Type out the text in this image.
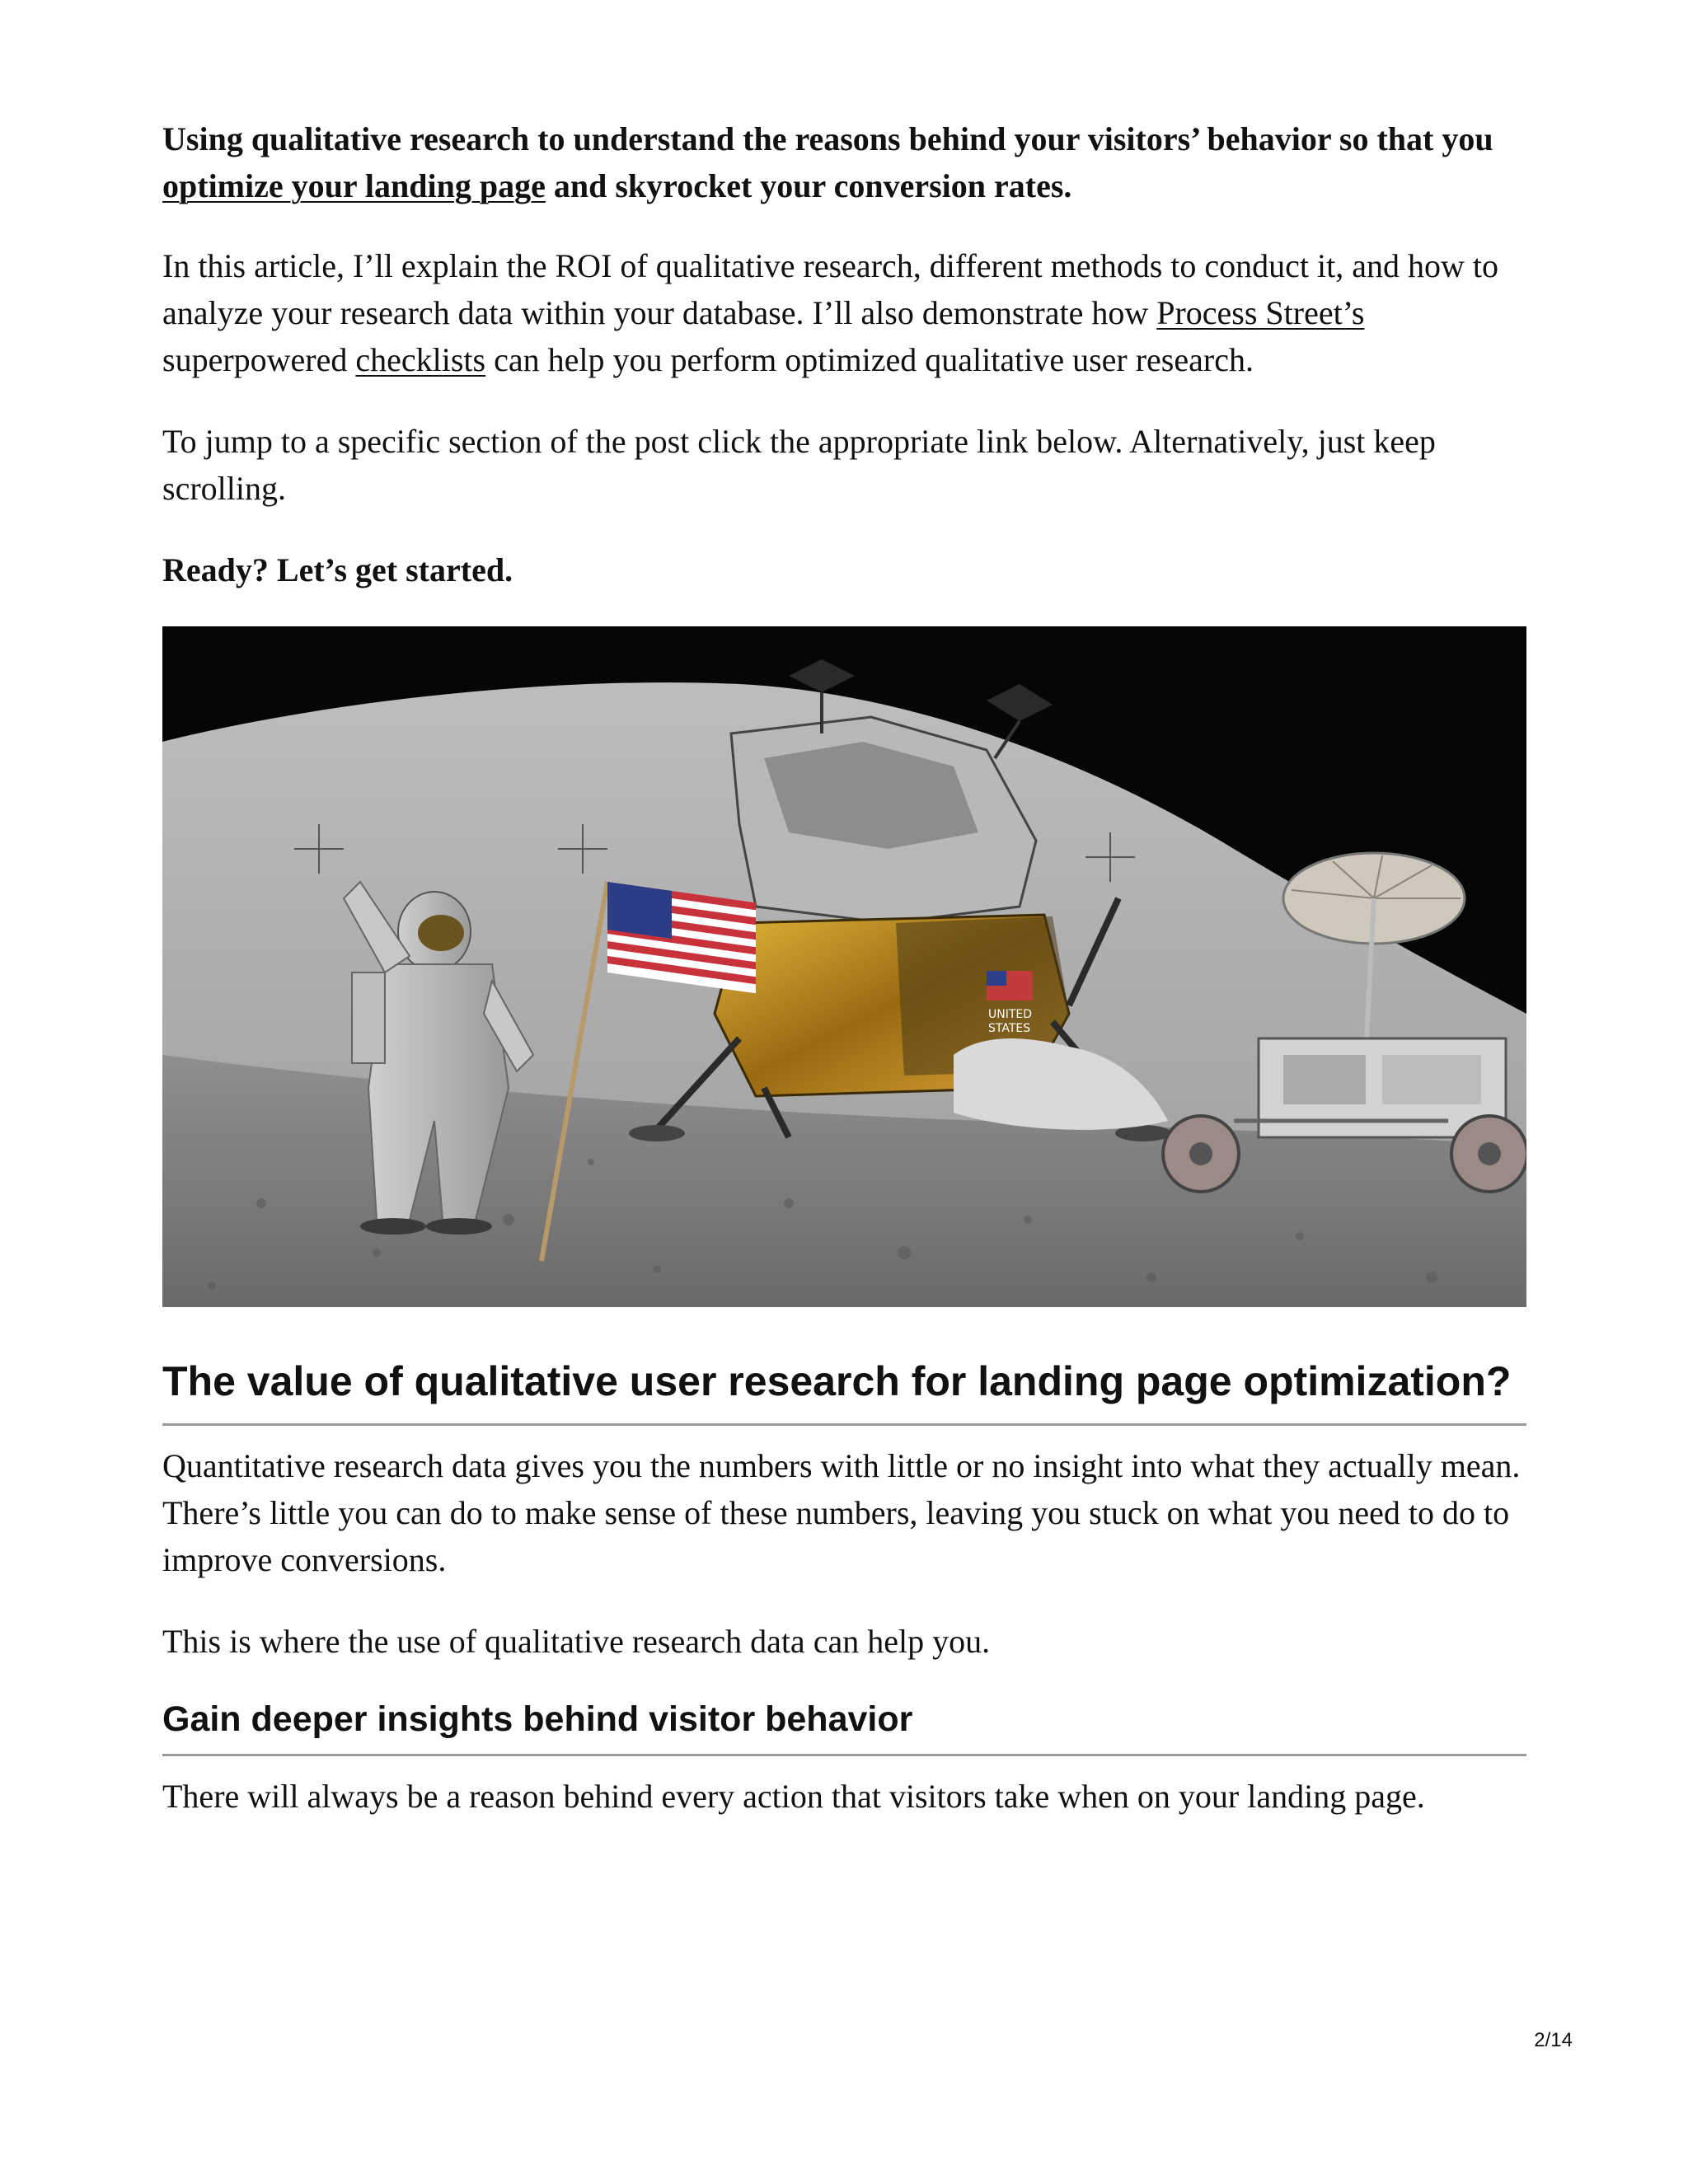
Using qualitative research to understand the reasons behind your visitors’ behavior so that you optimize your landing page and skyrocket your conversion rates.

In this article, I’ll explain the ROI of qualitative research, different methods to conduct it, and how to analyze your research data within your database. I’ll also demonstrate how Process Street’s superpowered checklists can help you perform optimized qualitative user research.

To jump to a specific section of the post click the appropriate link below. Alternatively, just keep scrolling.

Ready? Let’s get started.

UNITED
STATES
The value of qualitative user research for landing page optimization?

Quantitative research data gives you the numbers with little or no insight into what they actually mean. There’s little you can do to make sense of these numbers, leaving you stuck on what you need to do to improve conversions.

This is where the use of qualitative research data can help you.

Gain deeper insights behind visitor behavior

There will always be a reason behind every action that visitors take when on your landing page.

2/14
